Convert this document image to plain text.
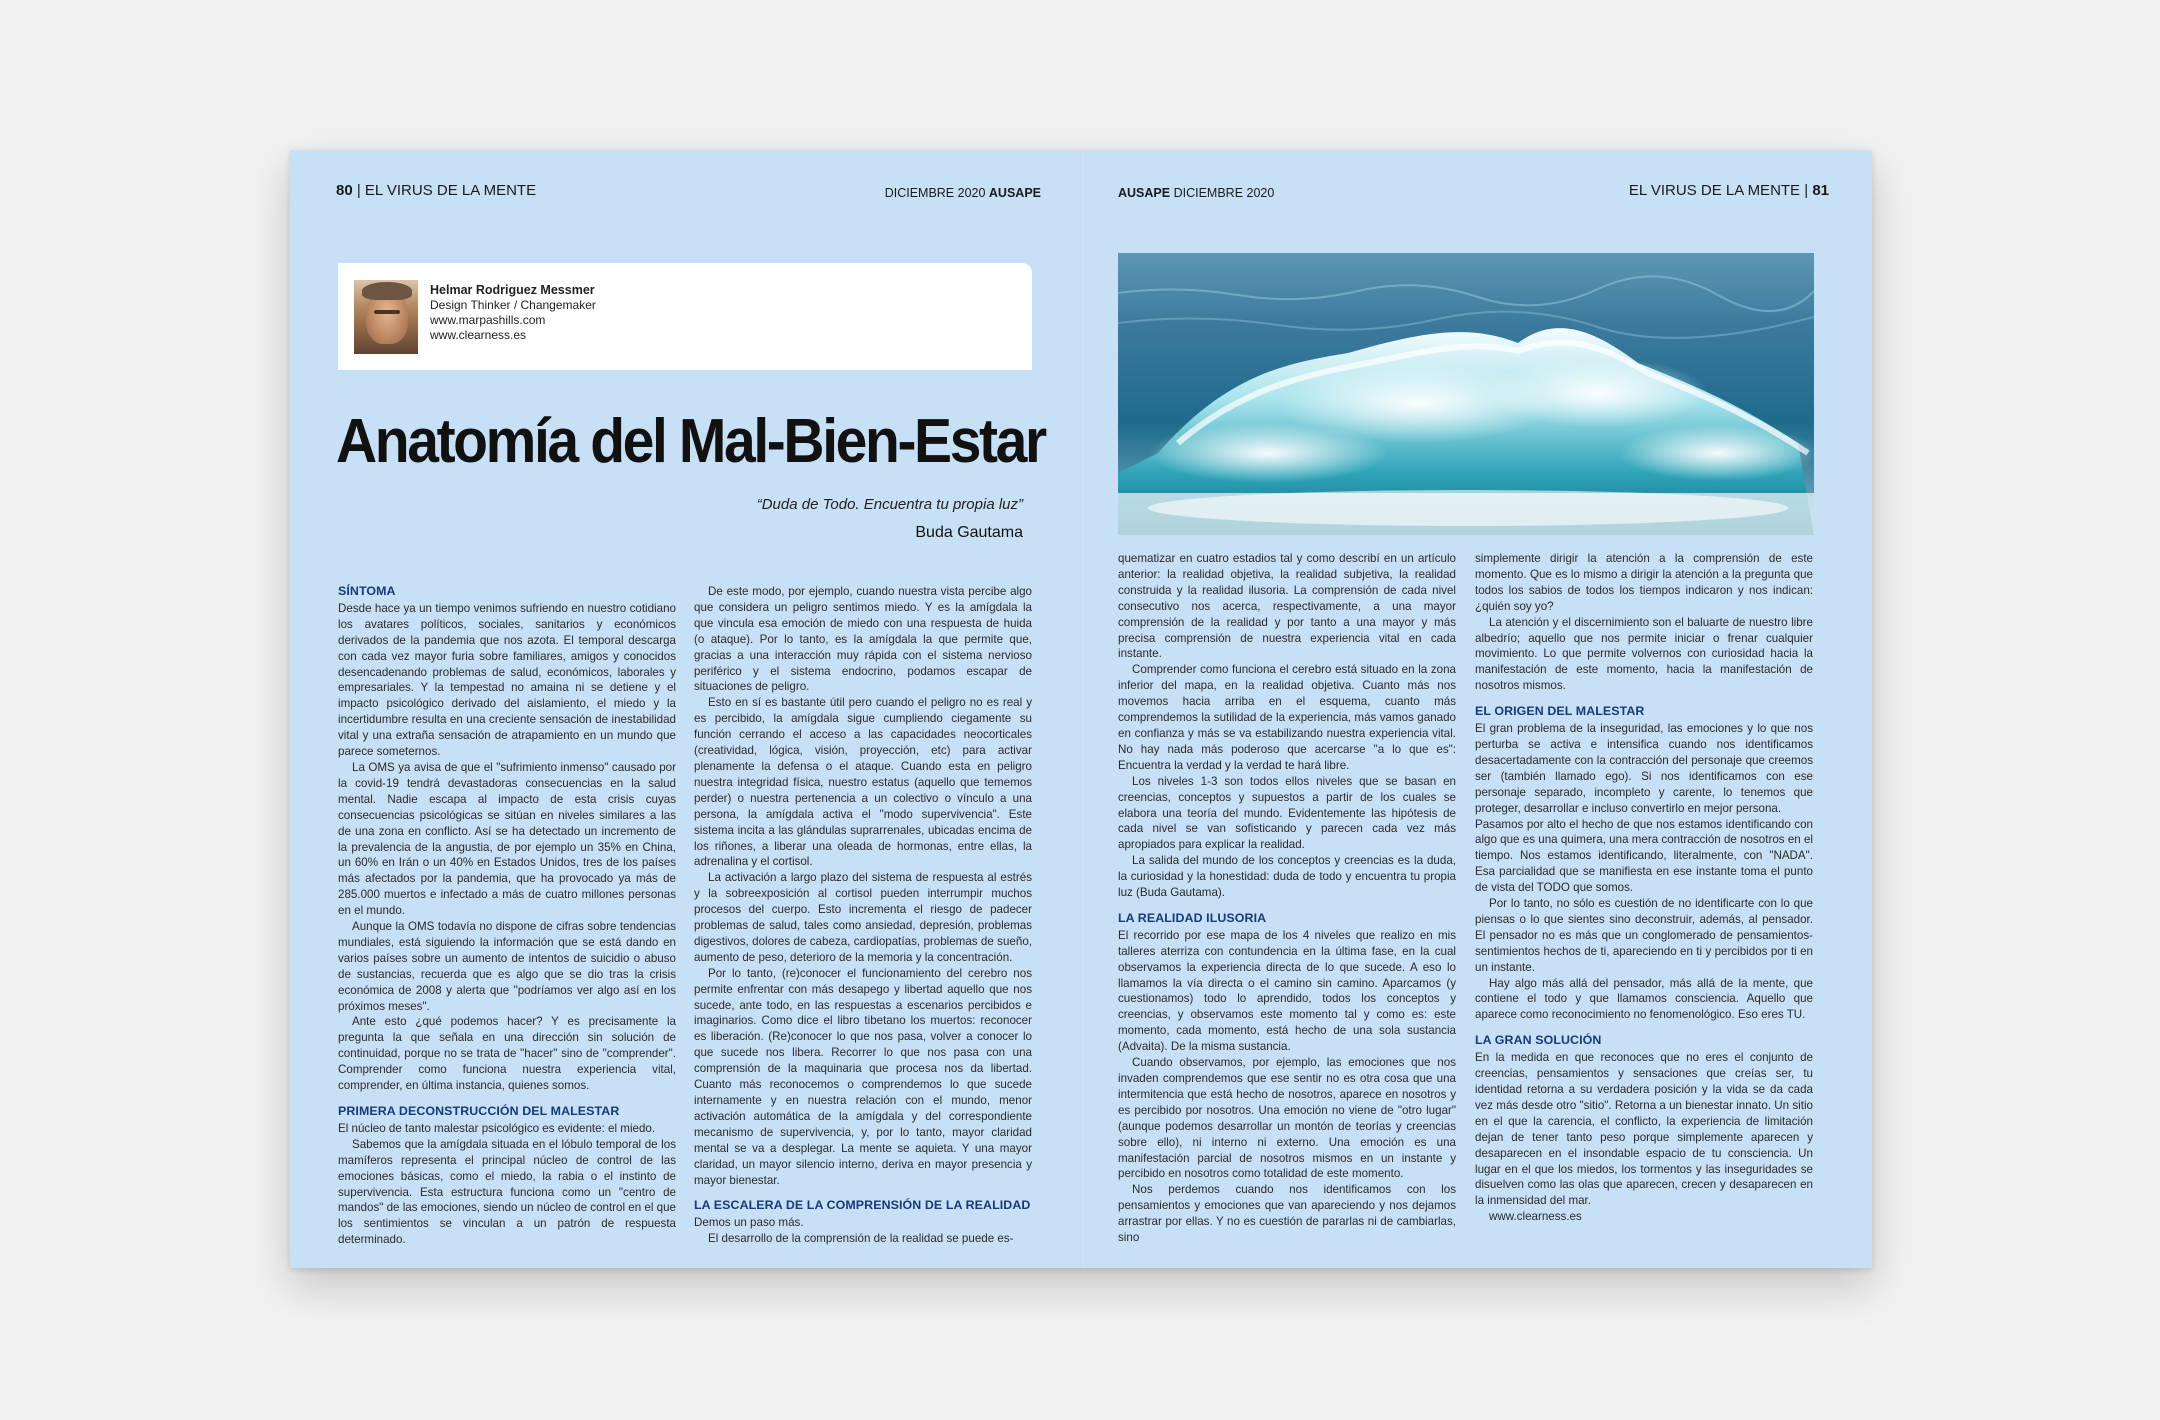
80 | EL VIRUS DE LA MENTE	DICIEMBRE 2020 AUSAPE
Helmar Rodriguez Messmer
Design Thinker / Changemaker
www.marpashills.com
www.clearness.es
Anatomía del Mal-Bien-Estar
“Duda de Todo. Encuentra tu propia luz”
Buda Gautama
SÍNTOMA

Desde hace ya un tiempo venimos sufriendo en nuestro cotidiano los avatares políticos, sociales, sanitarios y económicos derivados de la pandemia que nos azota. El temporal descarga con cada vez mayor furia sobre familiares, amigos y conocidos desencadenando problemas de salud, económicos, laborales y empresariales. Y la tempestad no amaina ni se detiene y el impacto psicológico derivado del aislamiento, el miedo y la incertidumbre resulta en una creciente sensación de inestabilidad vital y una extraña sensación de atrapamiento en un mundo que parece someternos.

La OMS ya avisa de que el "sufrimiento inmenso" causado por la covid-19 tendrá devastadoras consecuencias en la salud mental. Nadie escapa al impacto de esta crisis cuyas consecuencias psicológicas se sitúan en niveles similares a las de una zona en conflicto. Así se ha detectado un incremento de la prevalencia de la angustia, de por ejemplo un 35% en China, un 60% en Irán o un 40% en Estados Unidos, tres de los países más afectados por la pandemia, que ha provocado ya más de 285.000 muertos e infectado a más de cuatro millones personas en el mundo.

Aunque la OMS todavía no dispone de cifras sobre tendencias mundiales, está siguiendo la información que se está dando en varios países sobre un aumento de intentos de suicidio o abuso de sustancias, recuerda que es algo que se dio tras la crisis económica de 2008 y alerta que "podríamos ver algo así en los próximos meses".

Ante esto ¿qué podemos hacer? Y es precisamente la pregunta la que señala en una dirección sin solución de continuidad, porque no se trata de "hacer" sino de "comprender". Comprender como funciona nuestra experiencia vital, comprender, en última instancia, quienes somos.

PRIMERA DECONSTRUCCIÓN DEL MALESTAR

El núcleo de tanto malestar psicológico es evidente: el miedo.

Sabemos que la amígdala situada en el lóbulo temporal de los mamíferos representa el principal núcleo de control de las emociones básicas, como el miedo, la rabia o el instinto de supervivencia. Esta estructura funciona como un "centro de mandos" de las emociones, siendo un núcleo de control en el que los sentimientos se vinculan a un patrón de respuesta determinado.

De este modo, por ejemplo, cuando nuestra vista percibe algo que considera un peligro sentimos miedo. Y es la amígdala la que vincula esa emoción de miedo con una respuesta de huida (o ataque). Por lo tanto, es la amígdala la que permite que, gracias a una interacción muy rápida con el sistema nervioso periférico y el sistema endocrino, podamos escapar de situaciones de peligro.

Esto en sí es bastante útil pero cuando el peligro no es real y es percibido, la amígdala sigue cumpliendo ciegamente su función cerrando el acceso a las capacidades neocorticales (creatividad, lógica, visión, proyección, etc) para activar plenamente la defensa o el ataque. Cuando esta en peligro nuestra integridad física, nuestro estatus (aquello que tememos perder) o nuestra pertenencia a un colectivo o vínculo a una persona, la amígdala activa el "modo supervivencia". Este sistema incita a las glándulas suprarrenales, ubicadas encima de los riñones, a liberar una oleada de hormonas, entre ellas, la adrenalina y el cortisol.

La activación a largo plazo del sistema de respuesta al estrés y la sobreexposición al cortisol pueden interrumpir muchos procesos del cuerpo. Esto incrementa el riesgo de padecer problemas de salud, tales como ansiedad, depresión, problemas digestivos, dolores de cabeza, cardiopatías, problemas de sueño, aumento de peso, deterioro de la memoria y la concentración.

Por lo tanto, (re)conocer el funcionamiento del cerebro nos permite enfrentar con más desapego y libertad aquello que nos sucede, ante todo, en las respuestas a escenarios percibidos e imaginarios. Como dice el libro tibetano los muertos: reconocer es liberación. (Re)conocer lo que nos pasa, volver a conocer lo que sucede nos libera. Recorrer lo que nos pasa con una comprensión de la maquinaria que procesa nos da libertad. Cuanto más reconocemos o comprendemos lo que sucede internamente y en nuestra relación con el mundo, menor activación automática de la amígdala y del correspondiente mecanismo de supervivencia, y, por lo tanto, mayor claridad mental se va a desplegar. La mente se aquieta. Y una mayor claridad, un mayor silencio interno, deriva en mayor presencia y mayor bienestar.

LA ESCALERA DE LA COMPRENSIÓN DE LA REALIDAD

Demos un paso más.

El desarrollo de la comprensión de la realidad se puede es-

AUSAPE DICIEMBRE 2020	EL VIRUS DE LA MENTE | 81

quematizar en cuatro estadios tal y como describí en un artículo anterior: la realidad objetiva, la realidad subjetiva, la realidad construida y la realidad ilusoria. La comprensión de cada nivel consecutivo nos acerca, respectivamente, a una mayor comprensión de la realidad y por tanto a una mayor y más precisa comprensión de nuestra experiencia vital en cada instante.

Comprender como funciona el cerebro está situado en la zona inferior del mapa, en la realidad objetiva. Cuanto más nos movemos hacia arriba en el esquema, cuanto más comprendemos la sutilidad de la experiencia, más vamos ganado en confianza y más se va estabilizando nuestra experiencia vital. No hay nada más poderoso que acercarse "a lo que es": Encuentra la verdad y la verdad te hará libre.

Los niveles 1-3 son todos ellos niveles que se basan en creencias, conceptos y supuestos a partir de los cuales se elabora una teoría del mundo. Evidentemente las hipótesis de cada nivel se van sofisticando y parecen cada vez más apropiados para explicar la realidad.

La salida del mundo de los conceptos y creencias es la duda, la curiosidad y la honestidad: duda de todo y encuentra tu propia luz (Buda Gautama).

LA REALIDAD ILUSORIA

El recorrido por ese mapa de los 4 niveles que realizo en mis talleres aterriza con contundencia en la última fase, en la cual observamos la experiencia directa de lo que sucede. A eso lo llamamos la vía directa o el camino sin camino. Aparcamos (y cuestionamos) todo lo aprendido, todos los conceptos y creencias, y observamos este momento tal y como es: este momento, cada momento, está hecho de una sola sustancia (Advaita). De la misma sustancia.

Cuando observamos, por ejemplo, las emociones que nos invaden comprendemos que ese sentir no es otra cosa que una intermitencia que está hecho de nosotros, aparece en nosotros y es percibido por nosotros. Una emoción no viene de "otro lugar" (aunque podemos desarrollar un montón de teorías y creencias sobre ello), ni interno ni externo. Una emoción es una manifestación parcial de nosotros mismos en un instante y percibido en nosotros como totalidad de este momento.

Nos perdemos cuando nos identificamos con los pensamientos y emociones que van apareciendo y nos dejamos arrastrar por ellas. Y no es cuestión de pararlas ni de cambiarlas, sino

simplemente dirigir la atención a la comprensión de este momento. Que es lo mismo a dirigir la atención a la pregunta que todos los sabios de todos los tiempos indicaron y nos indican: ¿quién soy yo?

La atención y el discernimiento son el baluarte de nuestro libre albedrío; aquello que nos permite iniciar o frenar cualquier movimiento. Lo que permite volvernos con curiosidad hacia la manifestación de este momento, hacia la manifestación de nosotros mismos.

EL ORIGEN DEL MALESTAR

El gran problema de la inseguridad, las emociones y lo que nos perturba se activa e intensifica cuando nos identificamos desacertadamente con la contracción del personaje que creemos ser (también llamado ego). Si nos identificamos con ese personaje separado, incompleto y carente, lo tenemos que proteger, desarrollar e incluso convertirlo en mejor persona.

Pasamos por alto el hecho de que nos estamos identificando con algo que es una quimera, una mera contracción de nosotros en el tiempo. Nos estamos identificando, literalmente, con "NADA". Esa parcialidad que se manifiesta en ese instante toma el punto de vista del TODO que somos.

Por lo tanto, no sólo es cuestión de no identificarte con lo que piensas o lo que sientes sino deconstruir, además, al pensador. El pensador no es más que un conglomerado de pensamientos-sentimientos hechos de ti, apareciendo en ti y percibidos por ti en un instante.

Hay algo más allá del pensador, más allá de la mente, que contiene el todo y que llamamos consciencia. Aquello que aparece como reconocimiento no fenomenológico. Eso eres TU.

LA GRAN SOLUCIÓN

En la medida en que reconoces que no eres el conjunto de creencias, pensamientos y sensaciones que creías ser, tu identidad retorna a su verdadera posición y la vida se da cada vez más desde otro "sitio". Retorna a un bienestar innato. Un sitio en el que la carencia, el conflicto, la experiencia de limitación dejan de tener tanto peso porque simplemente aparecen y desaparecen en el insondable espacio de tu consciencia. Un lugar en el que los miedos, los tormentos y las inseguridades se disuelven como las olas que aparecen, crecen y desaparecen en la inmensidad del mar.

www.clearness.es
